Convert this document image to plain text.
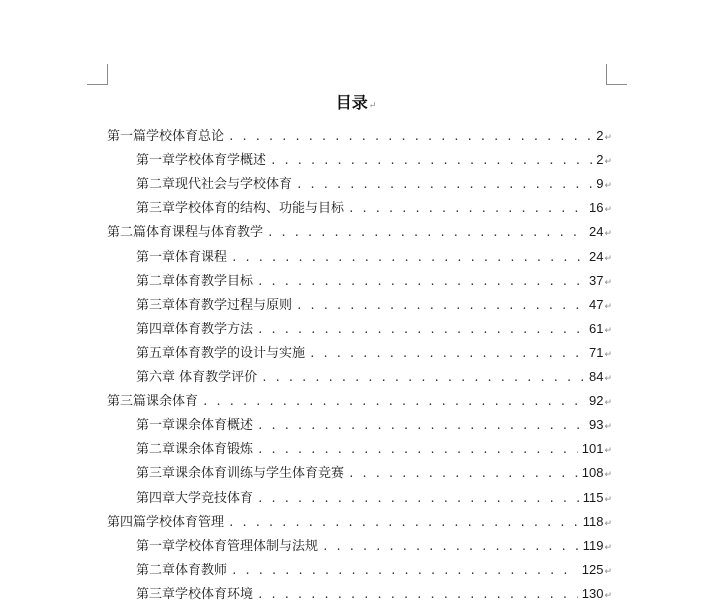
目录↵
第一篇学校体育总论 . . .	2 ↵
第一章学校体育学概述 . . .	2 ↵
第二章现代社会与学校体育 . . .	9 ↵
第三章学校体育的结构、功能与目标 . . .	16 ↵
第二篇体育课程与体育教学 . . .	24 ↵
第一章体育课程 . . .	24 ↵
第二章体育教学目标 . . .	37 ↵
第三章体育教学过程与原则 . . .	47 ↵
第四章体育教学方法 . . .	61 ↵
第五章体育教学的设计与实施 . . .	71 ↵
第六章 体育教学评价 . . .	84 ↵
第三篇课余体育 . . .	92 ↵
第一章课余体育概述 . . .	93 ↵
第二章课余体育锻炼 . . .	101 ↵
第三章课余体育训练与学生体育竞赛 . . .	108 ↵
第四章大学竞技体育 . . .	115 ↵
第四篇学校体育管理 . . .	118 ↵
第一章学校体育管理体制与法规 . . .	119 ↵
第二章体育教师 . . .	125 ↵
第三章学校体育环境 . . .	130 ↵
